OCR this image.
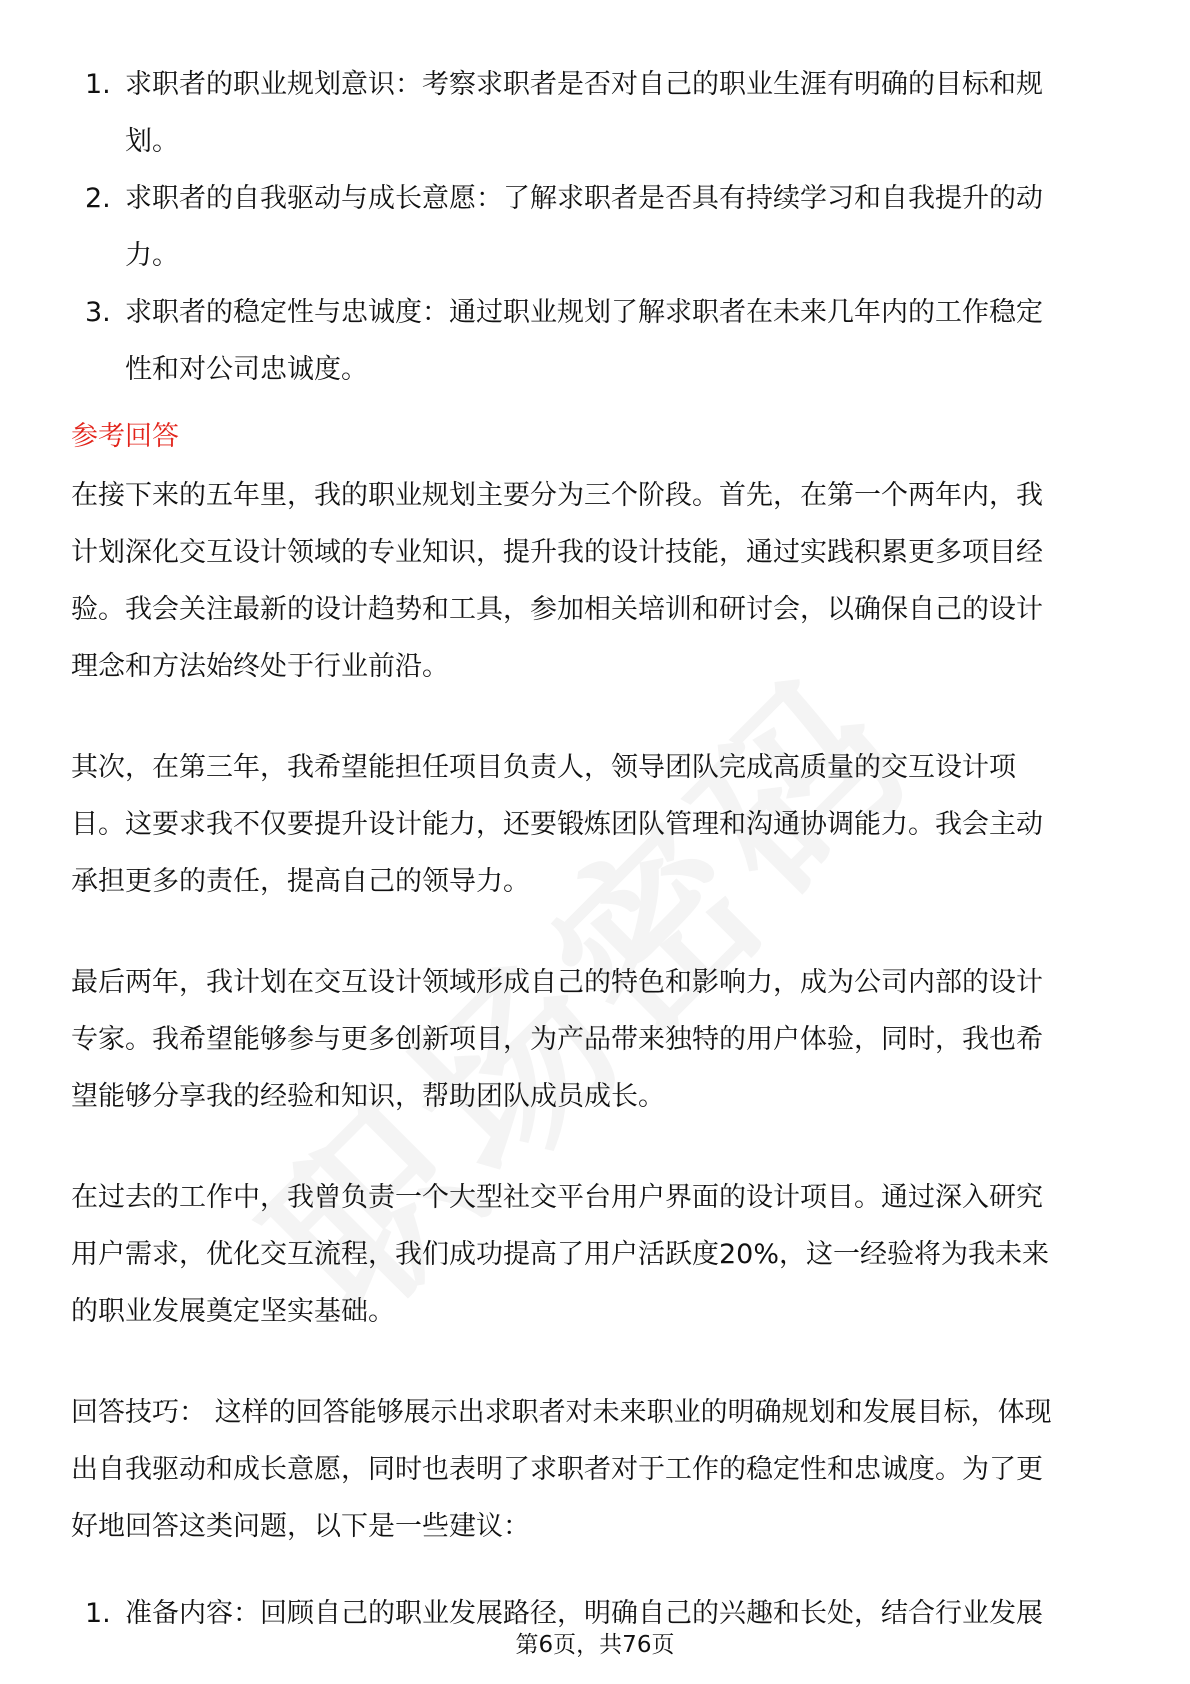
1. 求职者的职业规划意识：考察求职者是否对自己的职业生涯有明确的目标和规
划。
2. 求职者的自我驱动与成长意愿：了解求职者是否具有持续学习和自我提升的动
力。
3. 求职者的稳定性与忠诚度：通过职业规划了解求职者在未来几年内的工作稳定
性和对公司忠诚度。
参考回答
在接下来的五年里，我的职业规划主要分为三个阶段。首先，在第一个两年内，我
计划深化交互设计领域的专业知识，提升我的设计技能，通过实践积累更多项目经
验。我会关注最新的设计趋势和工具，参加相关培训和研讨会，以确保自己的设计
理念和方法始终处于行业前沿。
其次，在第三年，我希望能担任项目负责人，领导团队完成高质量的交互设计项
目。这要求我不仅要提升设计能力，还要锻炼团队管理和沟通协调能力。我会主动
承担更多的责任，提高自己的领导力。
最后两年，我计划在交互设计领域形成自己的特色和影响力，成为公司内部的设计
专家。我希望能够参与更多创新项目，为产品带来独特的用户体验，同时，我也希
望能够分享我的经验和知识，帮助团队成员成长。
在过去的工作中，我曾负责一个大型社交平台用户界面的设计项目。通过深入研究
用户需求，优化交互流程，我们成功提高了用户活跃度20%，这一经验将为我未来
的职业发展奠定坚实基础。
回答技巧： 这样的回答能够展示出求职者对未来职业的明确规划和发展目标，体现
出自我驱动和成长意愿，同时也表明了求职者对于工作的稳定性和忠诚度。为了更
好地回答这类问题，以下是一些建议：
1. 准备内容：回顾自己的职业发展路径，明确自己的兴趣和长处，结合行业发展
第6页，共76页
